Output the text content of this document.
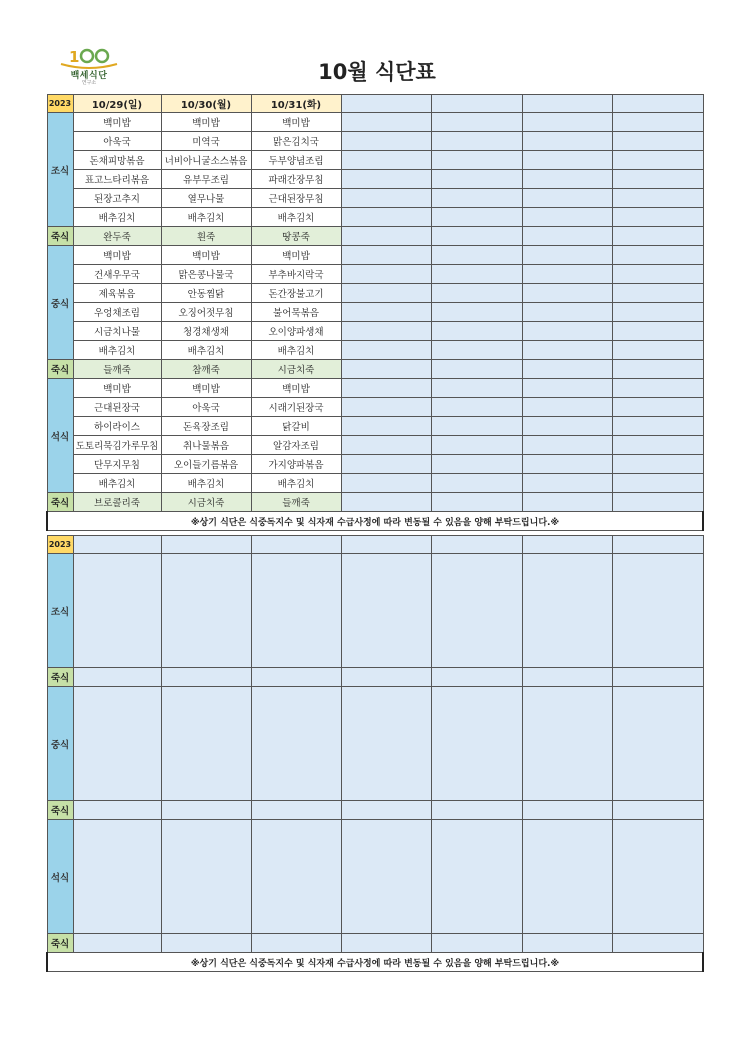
1
백세식단
연구소	10월 식단표
2023	10/29(일)	10/30(월)	10/31(화)				
조식	백미밥	백미밥	백미밥				
	아욱국	미역국	맑은김치국				
	돈채피망볶음	너비아니굴소스볶음	두부양념조림				
	표고느타리볶음	유부무조림	파래간장무침				
	된장고추지	열무나물	근대된장무침				
	배추김치	배추김치	배추김치				
죽식	완두죽	흰죽	땅콩죽				
중식	백미밥	백미밥	백미밥				
	건새우무국	맑은콩나물국	부추바지락국				
	제육볶음	안동찜닭	돈간장불고기				
	우엉채조림	오징어젓무침	불어묵볶음				
	시금치나물	청경채생채	오이양파생채				
	배추김치	배추김치	배추김치				
죽식	들깨죽	참깨죽	시금치죽				
석식	백미밥	백미밥	백미밥				
	근대된장국	아욱국	시래기된장국				
	하이라이스	돈육장조림	닭갈비				
	도토리묵김가루무침	취나물볶음	알감자조림				
	단무지무침	오이들기름볶음	가지양파볶음				
	배추김치	배추김치	배추김치				
죽식	브로콜리죽	시금치죽	들깨죽				
※상기 식단은 식중독지수 및 식자재 수급사정에 따라 변동될 수 있음을 양해 부탁드립니다.※							
2023							
조식							
죽식							
중식							
죽식							
석식							
죽식							
※상기 식단은 식중독지수 및 식자재 수급사정에 따라 변동될 수 있음을 양해 부탁드립니다.※							
